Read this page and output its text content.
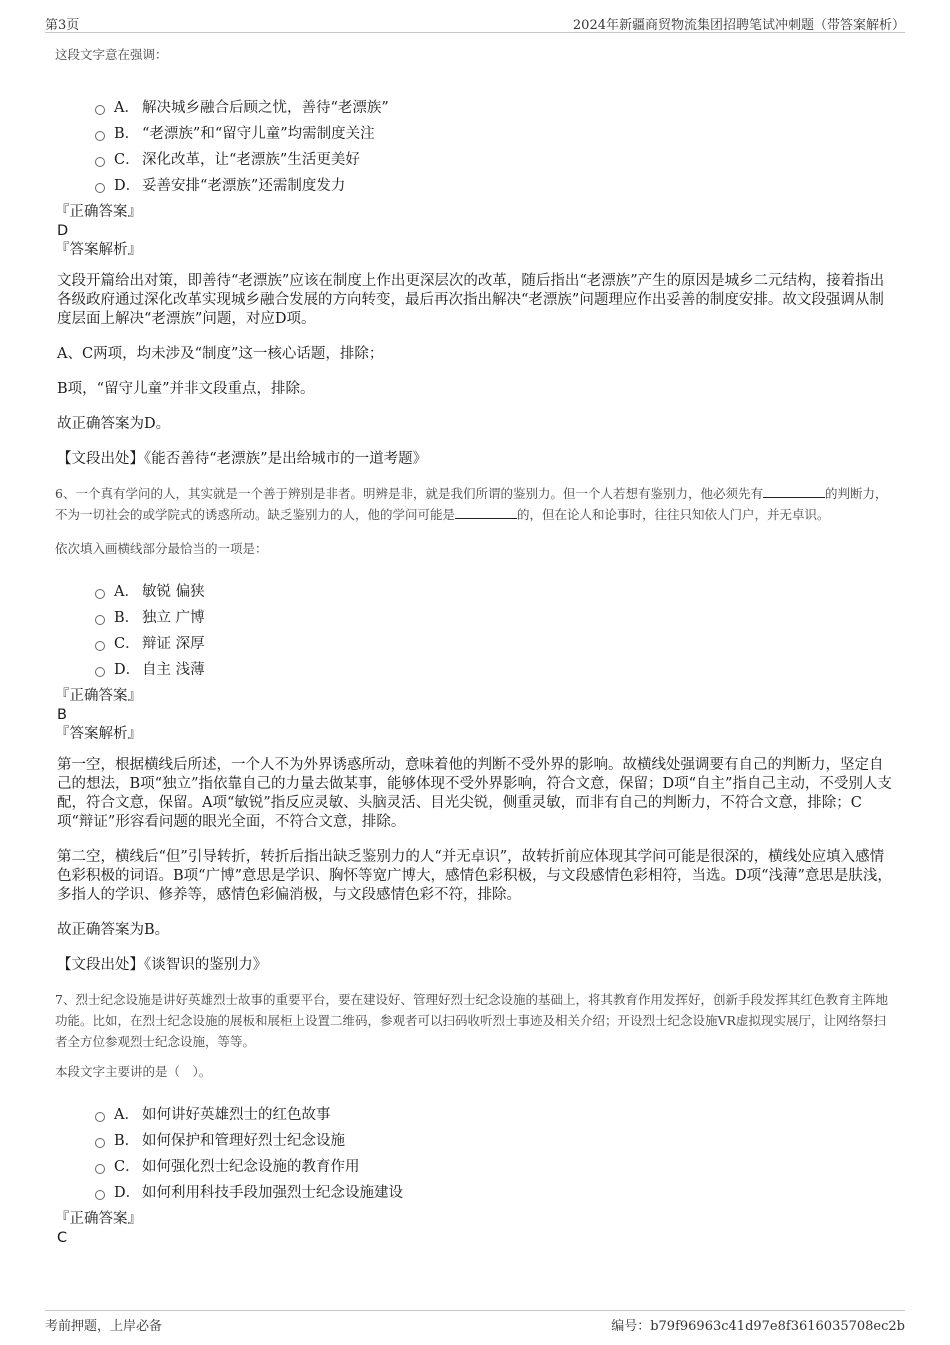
第3页	2024年新疆商贸物流集团招聘笔试冲刺题（带答案解析）
这段文字意在强调：
A． 解决城乡融合后顾之忧，善待“老漂族”
B． “老漂族”和“留守儿童”均需制度关注
C． 深化改革，让“老漂族”生活更美好
D． 妥善安排“老漂族”还需制度发力
『正确答案』
D
『答案解析』
文段开篇给出对策，即善待“老漂族”应该在制度上作出更深层次的改革，随后指出“老漂族”产生的原因是城乡二元结构，接着指出各级政府通过深化改革实现城乡融合发展的方向转变，最后再次指出解决“老漂族”问题理应作出妥善的制度安排。故文段强调从制度层面上解决“老漂族”问题，对应D项。
A、C两项，均未涉及“制度”这一核心话题，排除；
B项，“留守儿童”并非文段重点，排除。
故正确答案为D。
【文段出处】《能否善待“老漂族”是出给城市的一道考题》
6、一个真有学问的人，其实就是一个善于辨别是非者。明辨是非，就是我们所谓的鉴别力。但一个人若想有鉴别力，他必须先有	的判断力，不为一切社会的或学院式的诱惑所动。缺乏鉴别力的人，他的学问可能是	的，但在论人和论事时，往往只知依人门户，并无卓识。
依次填入画横线部分最恰当的一项是：
A． 敏锐 偏狭
B． 独立 广博
C． 辩证 深厚
D． 自主 浅薄
『正确答案』
B
『答案解析』
第一空，根据横线后所述，一个人不为外界诱惑所动，意味着他的判断不受外界的影响。故横线处强调要有自己的判断力，坚定自己的想法，B项“独立”指依靠自己的力量去做某事，能够体现不受外界影响，符合文意，保留；D项“自主”指自己主动，不受别人支配，符合文意，保留。A项“敏锐”指反应灵敏、头脑灵活、目光尖锐，侧重灵敏，而非有自己的判断力，不符合文意，排除；C项“辩证”形容看问题的眼光全面，不符合文意，排除。
第二空，横线后“但”引导转折，转折后指出缺乏鉴别力的人“并无卓识”，故转折前应体现其学问可能是很深的，横线处应填入感情色彩积极的词语。B项“广博”意思是学识、胸怀等宽广博大，感情色彩积极，与文段感情色彩相符，当选。D项“浅薄”意思是肤浅，多指人的学识、修养等，感情色彩偏消极，与文段感情色彩不符，排除。
故正确答案为B。
【文段出处】《谈智识的鉴别力》
7、烈士纪念设施是讲好英雄烈士故事的重要平台，要在建设好、管理好烈士纪念设施的基础上，将其教育作用发挥好，创新手段发挥其红色教育主阵地功能。比如，在烈士纪念设施的展板和展柜上设置二维码，参观者可以扫码收听烈士事迹及相关介绍；开设烈士纪念设施VR虚拟现实展厅，让网络祭扫者全方位参观烈士纪念设施，等等。
本段文字主要讲的是（　）。
A． 如何讲好英雄烈士的红色故事
B． 如何保护和管理好烈士纪念设施
C． 如何强化烈士纪念设施的教育作用
D． 如何利用科技手段加强烈士纪念设施建设
『正确答案』
C
考前押题，上岸必备	编号：b79f96963c41d97e8f3616035708ec2b
